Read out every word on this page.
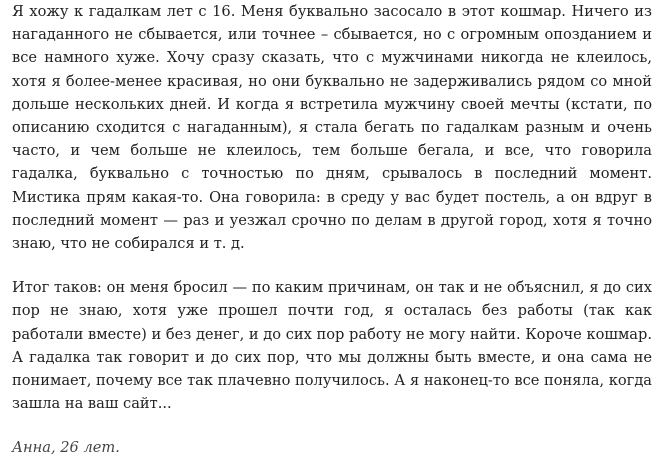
Я хожу к гадалкам лет с 16. Меня буквально засосало в этот кошмар. Ничего из нагаданного не сбывается, или точнее – сбывается, но с огромным опозданием и все намного хуже. Хочу сразу сказать, что с мужчинами никогда не клеилось, хотя я более-менее красивая, но они буквально не задерживались рядом со мной дольше нескольких дней. И когда я встретила мужчину своей мечты (кстати, по описанию сходится с нагаданным), я стала бегать по гадалкам разным и очень часто, и чем больше не клеилось, тем больше бегала, и все, что говорила гадалка, буквально с точностью по дням, срывалось в последний момент. Мистика прям какая-то. Она говорила: в среду у вас будет постель, а он вдруг в последний момент — раз и уезжал срочно по делам в другой город, хотя я точно знаю, что не собирался и т. д.

Итог таков: он меня бросил — по каким причинам, он так и не объяснил, я до сих пор не знаю, хотя уже прошел почти год, я осталась без работы (так как работали вместе) и без денег, и до сих пор работу не могу найти. Короче кошмар. А гадалка так говорит и до сих пор, что мы должны быть вместе, и она сама не понимает, почему все так плачевно получилось. А я наконец-то все поняла, когда зашла на ваш сайт...

Анна, 26 лет.
